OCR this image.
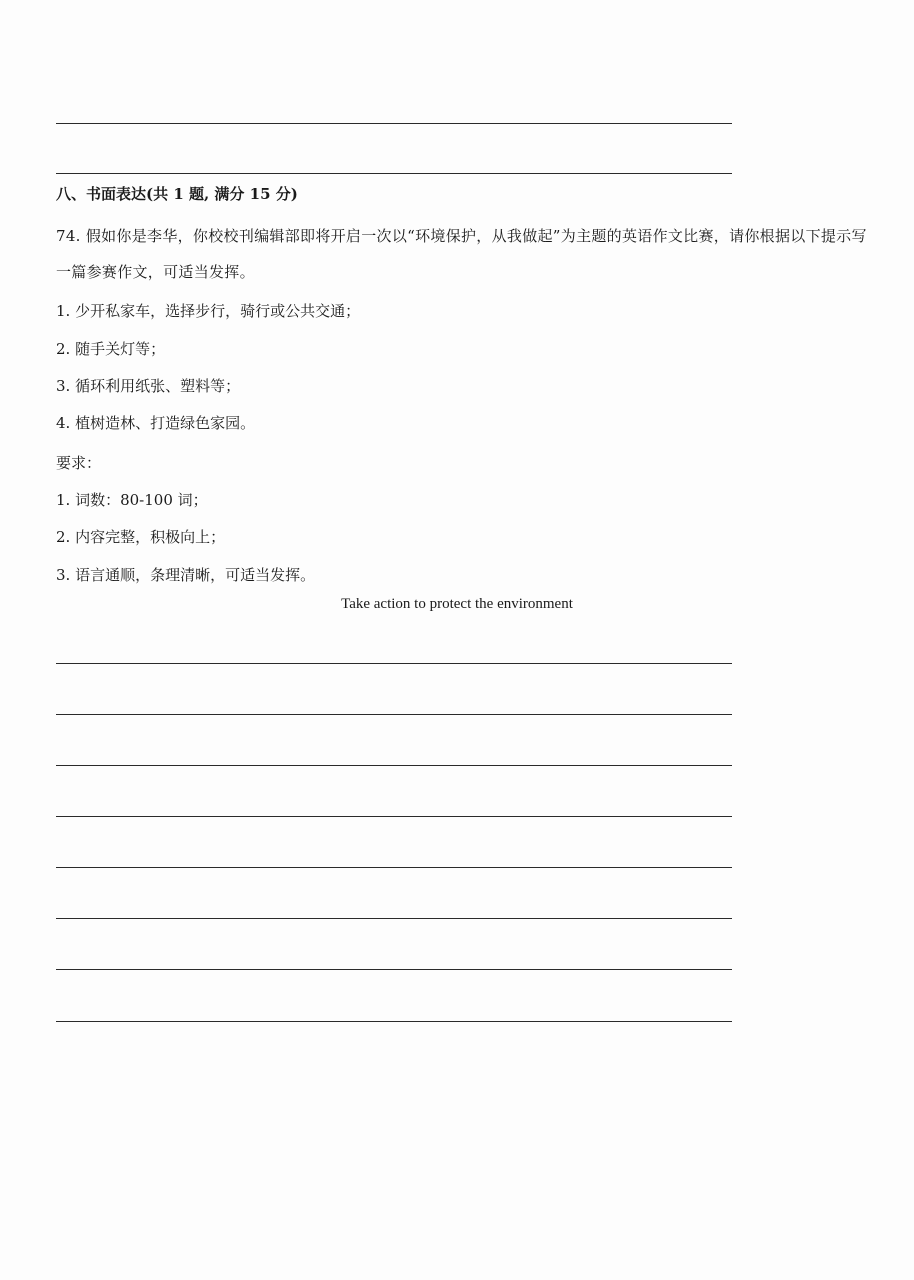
八、书面表达(共 1 题, 满分 15 分)
74. 假如你是李华，你校校刊编辑部即将开启一次以“环境保护，从我做起”为主题的英语作文比赛，请你根据以下提示写一篇参赛作文，可适当发挥。
1. 少开私家车，选择步行，骑行或公共交通；
2. 随手关灯等；
3. 循环利用纸张、塑料等；
4. 植树造林、打造绿色家园。
要求：
1. 词数：80-100 词；
2. 内容完整，积极向上；
3. 语言通顺，条理清晰，可适当发挥。
Take action to protect the environment
